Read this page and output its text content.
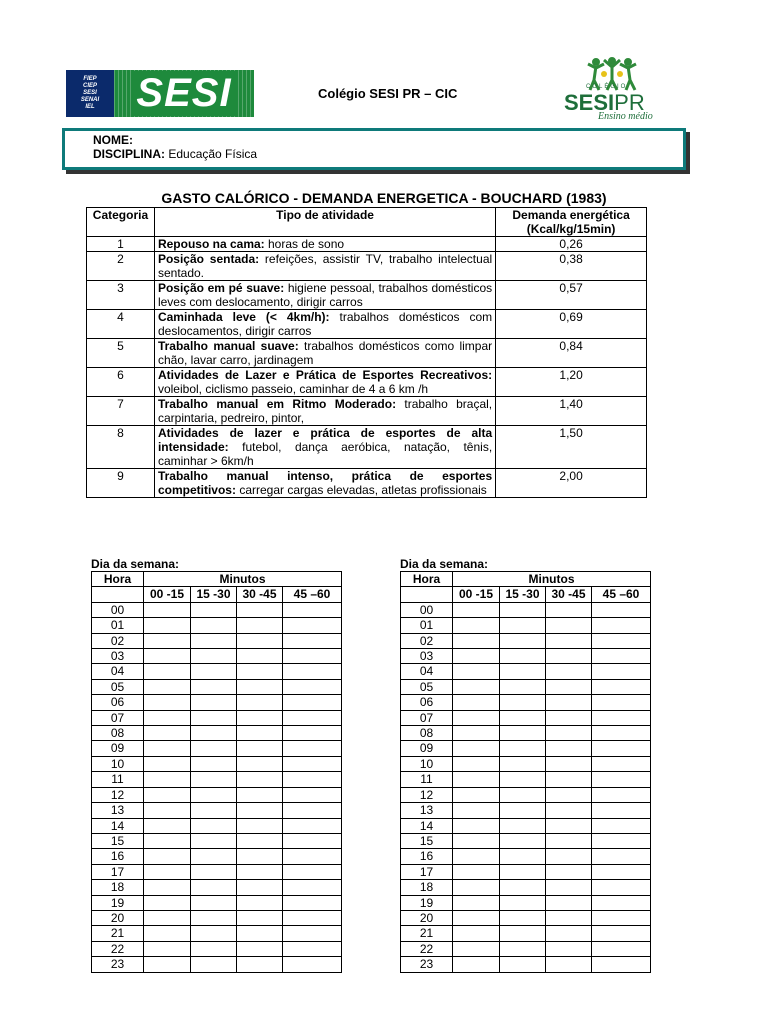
FIEP
CIEP
SESI
SENAI
IEL SESI	Colégio SESI PR – CIC	COLÉGIO
SESIPR
Ensino médio
NOME:
DISCIPLINA: Educação Física
GASTO CALÓRICO - DEMANDA ENERGETICA - BOUCHARD (1983)
Categoria	Tipo de atividade	Demanda energética (Kcal/kg/15min)
1	Repouso na cama: horas de sono	0,26
2	Posição sentada: refeições, assistir TV, trabalho intelectual sentado.	0,38
3	Posição em pé suave: higiene pessoal, trabalhos domésticos leves com deslocamento, dirigir carros	0,57
4	Caminhada leve (< 4km/h): trabalhos domésticos com deslocamentos, dirigir carros	0,69
5	Trabalho manual suave: trabalhos domésticos como limpar chão, lavar carro, jardinagem	0,84
6	Atividades de Lazer e Prática de Esportes Recreativos: voleibol, ciclismo passeio, caminhar de 4 a 6 km /h	1,20
7	Trabalho manual em Ritmo Moderado: trabalho braçal, carpintaria, pedreiro, pintor,	1,40
8	Atividades de lazer e prática de esportes de alta intensidade: futebol, dança aeróbica, natação, tênis, caminhar > 6km/h	1,50
9	Trabalho manual intenso, prática de esportes competitivos: carregar cargas elevadas, atletas profissionais	2,00
Dia da semana:
Hora	Minutos			
	00 -15	15 -30	30 -45	45 –60
00				
01				
02				
03				
04				
05				
06				
07				
08				
09				
10				
11				
12				
13				
14				
15				
16				
17				
18				
19				
20				
21				
22				
23				
Dia da semana:
Hora	Minutos			
	00 -15	15 -30	30 -45	45 –60
00				
01				
02				
03				
04				
05				
06				
07				
08				
09				
10				
11				
12				
13				
14				
15				
16				
17				
18				
19				
20				
21				
22				
23				
